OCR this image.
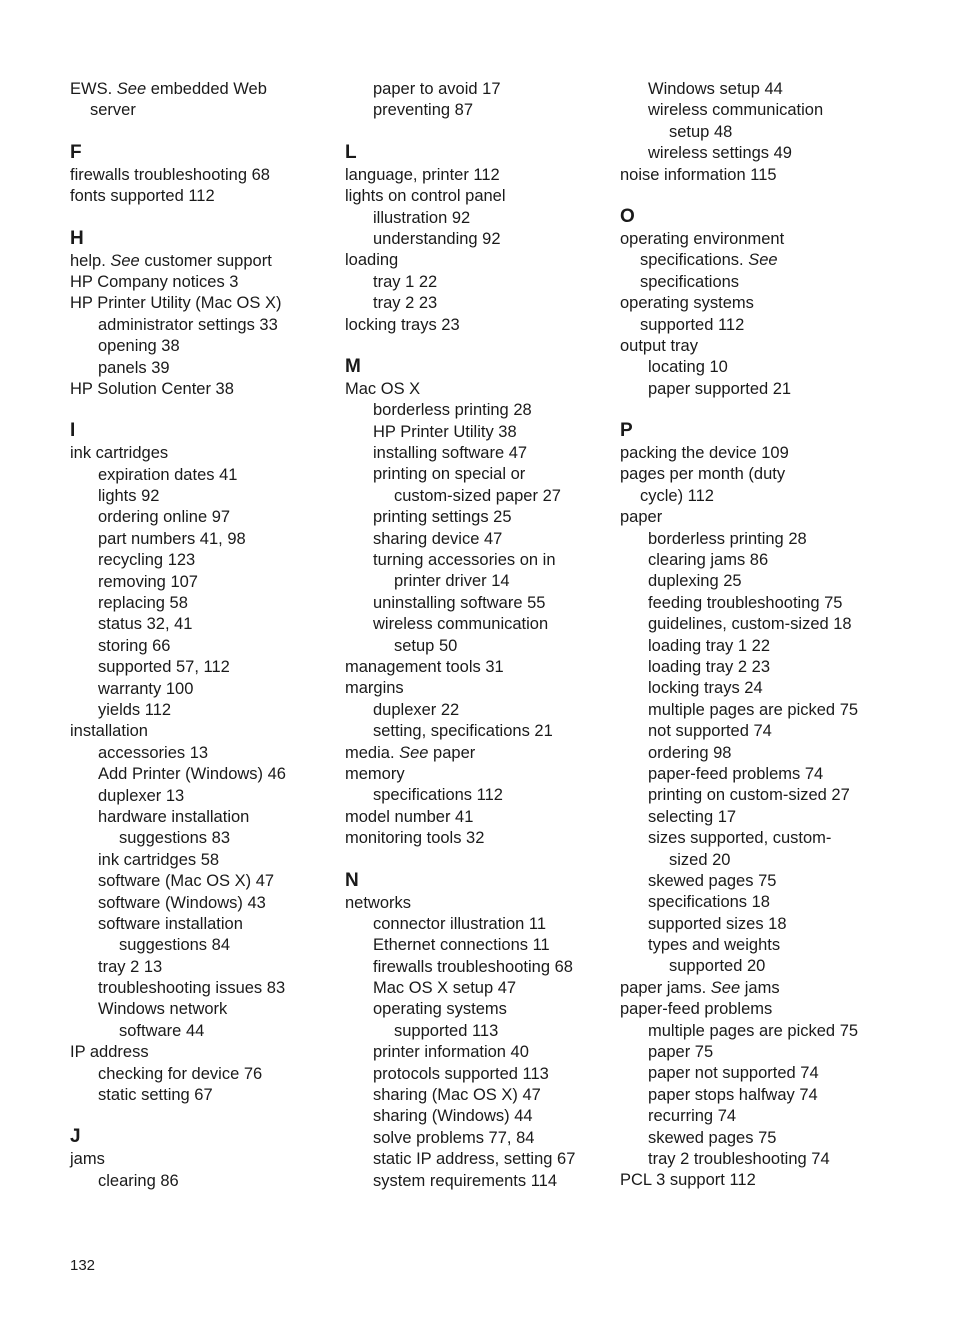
EWS. See embedded Web
server
F
firewalls troubleshooting 68
fonts supported 112
H
help. See customer support
HP Company notices 3
HP Printer Utility (Mac OS X)
administrator settings 33
opening 38
panels 39
HP Solution Center 38
I
ink cartridges
expiration dates 41
lights 92
ordering online 97
part numbers 41, 98
recycling 123
removing 107
replacing 58
status 32, 41
storing 66
supported 57, 112
warranty 100
yields 112
installation
accessories 13
Add Printer (Windows) 46
duplexer 13
hardware installation
suggestions 83
ink cartridges 58
software (Mac OS X) 47
software (Windows) 43
software installation
suggestions 84
tray 2 13
troubleshooting issues 83
Windows network
software 44
IP address
checking for device 76
static setting 67
J
jams
clearing 86
paper to avoid 17
preventing 87
L
language, printer 112
lights on control panel
illustration 92
understanding 92
loading
tray 1 22
tray 2 23
locking trays 23
M
Mac OS X
borderless printing 28
HP Printer Utility 38
installing software 47
printing on special or
custom-sized paper 27
printing settings 25
sharing device 47
turning accessories on in
printer driver 14
uninstalling software 55
wireless communication
setup 50
management tools 31
margins
duplexer 22
setting, specifications 21
media. See paper
memory
specifications 112
model number 41
monitoring tools 32
N
networks
connector illustration 11
Ethernet connections 11
firewalls troubleshooting 68
Mac OS X setup 47
operating systems
supported 113
printer information 40
protocols supported 113
sharing (Mac OS X) 47
sharing (Windows) 44
solve problems 77, 84
static IP address, setting 67
system requirements 114
Windows setup 44
wireless communication
setup 48
wireless settings 49
noise information 115
O
operating environment
specifications. See
specifications
operating systems
supported 112
output tray
locating 10
paper supported 21
P
packing the device 109
pages per month (duty
cycle) 112
paper
borderless printing 28
clearing jams 86
duplexing 25
feeding troubleshooting 75
guidelines, custom-sized 18
loading tray 1 22
loading tray 2 23
locking trays 24
multiple pages are picked 75
not supported 74
ordering 98
paper-feed problems 74
printing on custom-sized 27
selecting 17
sizes supported, custom-
sized 20
skewed pages 75
specifications 18
supported sizes 18
types and weights
supported 20
paper jams. See jams
paper-feed problems
multiple pages are picked 75
paper 75
paper not supported 74
paper stops halfway 74
recurring 74
skewed pages 75
tray 2 troubleshooting 74
PCL 3 support 112
132
